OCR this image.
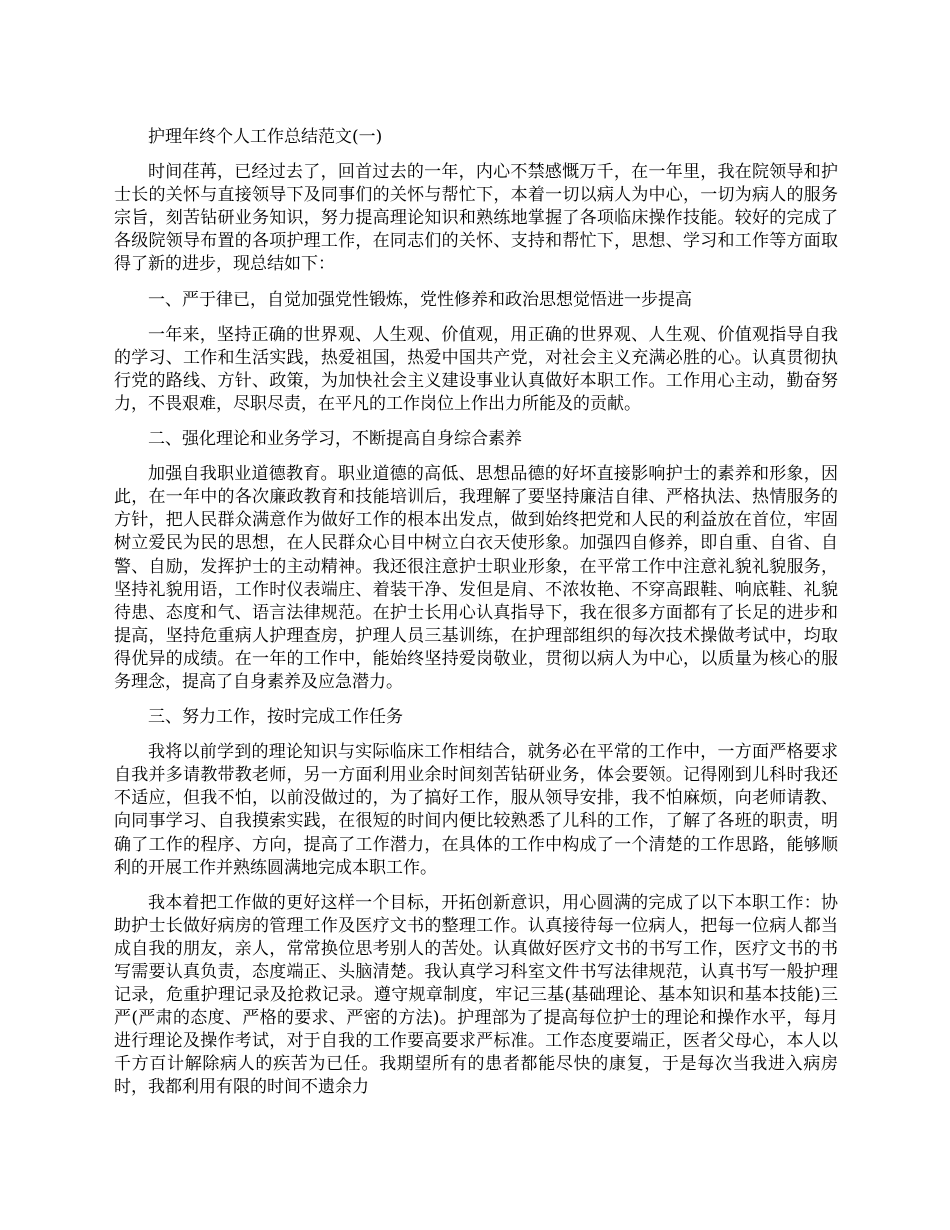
护理年终个人工作总结范文(一)

时间荏苒，已经过去了，回首过去的一年，内心不禁感慨万千，在一年里，我在院领导和护士长的关怀与直接领导下及同事们的关怀与帮忙下，本着一切以病人为中心，一切为病人的服务宗旨，刻苦钻研业务知识，努力提高理论知识和熟练地掌握了各项临床操作技能。较好的完成了各级院领导布置的各项护理工作，在同志们的关怀、支持和帮忙下，思想、学习和工作等方面取得了新的进步，现总结如下：

一、严于律已，自觉加强党性锻炼，党性修养和政治思想觉悟进一步提高

一年来，坚持正确的世界观、人生观、价值观，用正确的世界观、人生观、价值观指导自我的学习、工作和生活实践，热爱祖国，热爱中国共产党，对社会主义充满必胜的心。认真贯彻执行党的路线、方针、政策，为加快社会主义建设事业认真做好本职工作。工作用心主动，勤奋努力，不畏艰难，尽职尽责，在平凡的工作岗位上作出力所能及的贡献。

二、强化理论和业务学习，不断提高自身综合素养

加强自我职业道德教育。职业道德的高低、思想品德的好坏直接影响护士的素养和形象，因此，在一年中的各次廉政教育和技能培训后，我理解了要坚持廉洁自律、严格执法、热情服务的方针，把人民群众满意作为做好工作的根本出发点，做到始终把党和人民的利益放在首位，牢固树立爱民为民的思想，在人民群众心目中树立白衣天使形象。加强四自修养，即自重、自省、自警、自励，发挥护士的主动精神。我还很注意护士职业形象，在平常工作中注意礼貌礼貌服务，坚持礼貌用语，工作时仪表端庄、着装干净、发但是肩、不浓妆艳、不穿高跟鞋、响底鞋、礼貌待患、态度和气、语言法律规范。在护士长用心认真指导下，我在很多方面都有了长足的进步和提高，坚持危重病人护理查房，护理人员三基训练，在护理部组织的每次技术操做考试中，均取得优异的成绩。在一年的工作中，能始终坚持爱岗敬业，贯彻以病人为中心，以质量为核心的服务理念，提高了自身素养及应急潜力。

三、努力工作，按时完成工作任务

我将以前学到的理论知识与实际临床工作相结合，就务必在平常的工作中，一方面严格要求自我并多请教带教老师，另一方面利用业余时间刻苦钻研业务，体会要领。记得刚到儿科时我还不适应，但我不怕，以前没做过的，为了搞好工作，服从领导安排，我不怕麻烦，向老师请教、向同事学习、自我摸索实践，在很短的时间内便比较熟悉了儿科的工作，了解了各班的职责，明确了工作的程序、方向，提高了工作潜力，在具体的工作中构成了一个清楚的工作思路，能够顺利的开展工作并熟练圆满地完成本职工作。

我本着把工作做的更好这样一个目标，开拓创新意识，用心圆满的完成了以下本职工作：协助护士长做好病房的管理工作及医疗文书的整理工作。认真接待每一位病人，把每一位病人都当成自我的朋友，亲人，常常换位思考别人的苦处。认真做好医疗文书的书写工作，医疗文书的书写需要认真负责，态度端正、头脑清楚。我认真学习科室文件书写法律规范，认真书写一般护理记录，危重护理记录及抢救记录。遵守规章制度，牢记三基(基础理论、基本知识和基本技能)三严(严肃的态度、严格的要求、严密的方法)。护理部为了提高每位护士的理论和操作水平，每月进行理论及操作考试，对于自我的工作要高要求严标准。工作态度要端正，医者父母心，本人以千方百计解除病人的疾苦为已任。我期望所有的患者都能尽快的康复，于是每次当我进入病房时，我都利用有限的时间不遗余力
